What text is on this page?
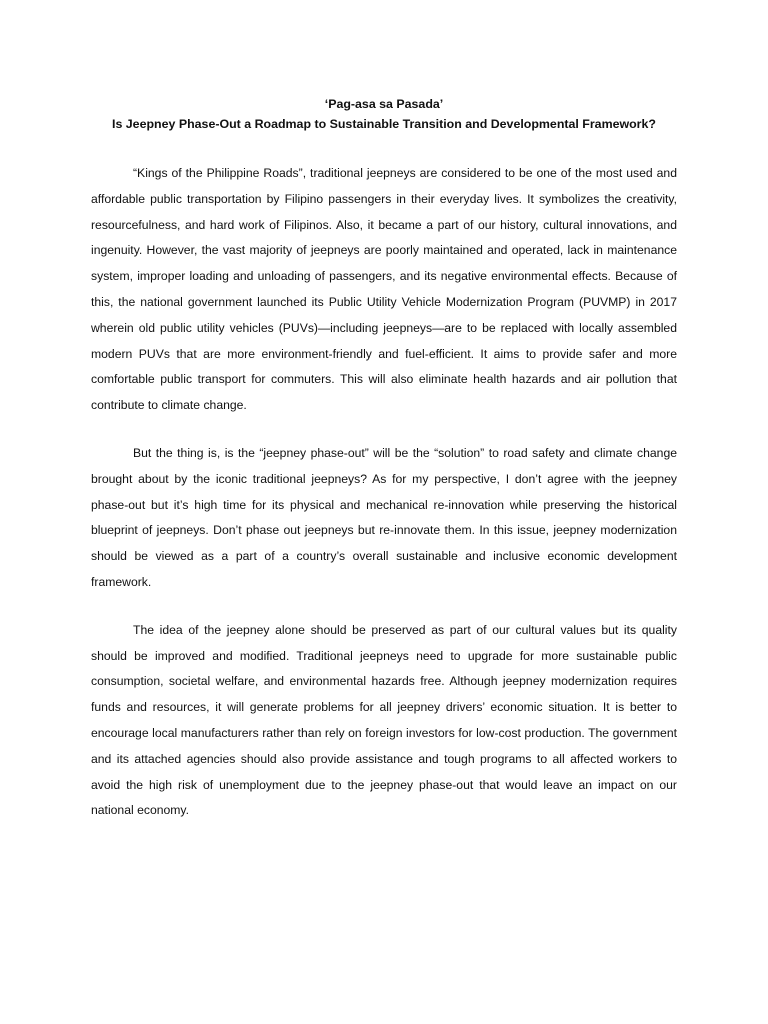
‘Pag-asa sa Pasada’
Is Jeepney Phase-Out a Roadmap to Sustainable Transition and Developmental Framework?

“Kings of the Philippine Roads”, traditional jeepneys are considered to be one of the most used and affordable public transportation by Filipino passengers in their everyday lives. It symbolizes the creativity, resourcefulness, and hard work of Filipinos. Also, it became a part of our history, cultural innovations, and ingenuity. However, the vast majority of jeepneys are poorly maintained and operated, lack in maintenance system, improper loading and unloading of passengers, and its negative environmental effects. Because of this, the national government launched its Public Utility Vehicle Modernization Program (PUVMP) in 2017 wherein old public utility vehicles (PUVs)—including jeepneys—are to be replaced with locally assembled modern PUVs that are more environment-friendly and fuel-efficient. It aims to provide safer and more comfortable public transport for commuters. This will also eliminate health hazards and air pollution that contribute to climate change.

But the thing is, is the “jeepney phase-out” will be the “solution” to road safety and climate change brought about by the iconic traditional jeepneys? As for my perspective, I don’t agree with the jeepney phase-out but it’s high time for its physical and mechanical re-innovation while preserving the historical blueprint of jeepneys. Don’t phase out jeepneys but re-innovate them. In this issue, jeepney modernization should be viewed as a part of a country’s overall sustainable and inclusive economic development framework.

The idea of the jeepney alone should be preserved as part of our cultural values but its quality should be improved and modified. Traditional jeepneys need to upgrade for more sustainable public consumption, societal welfare, and environmental hazards free. Although jeepney modernization requires funds and resources, it will generate problems for all jeepney drivers’ economic situation. It is better to encourage local manufacturers rather than rely on foreign investors for low-cost production. The government and its attached agencies should also provide assistance and tough programs to all affected workers to avoid the high risk of unemployment due to the jeepney phase-out that would leave an impact on our national economy.
